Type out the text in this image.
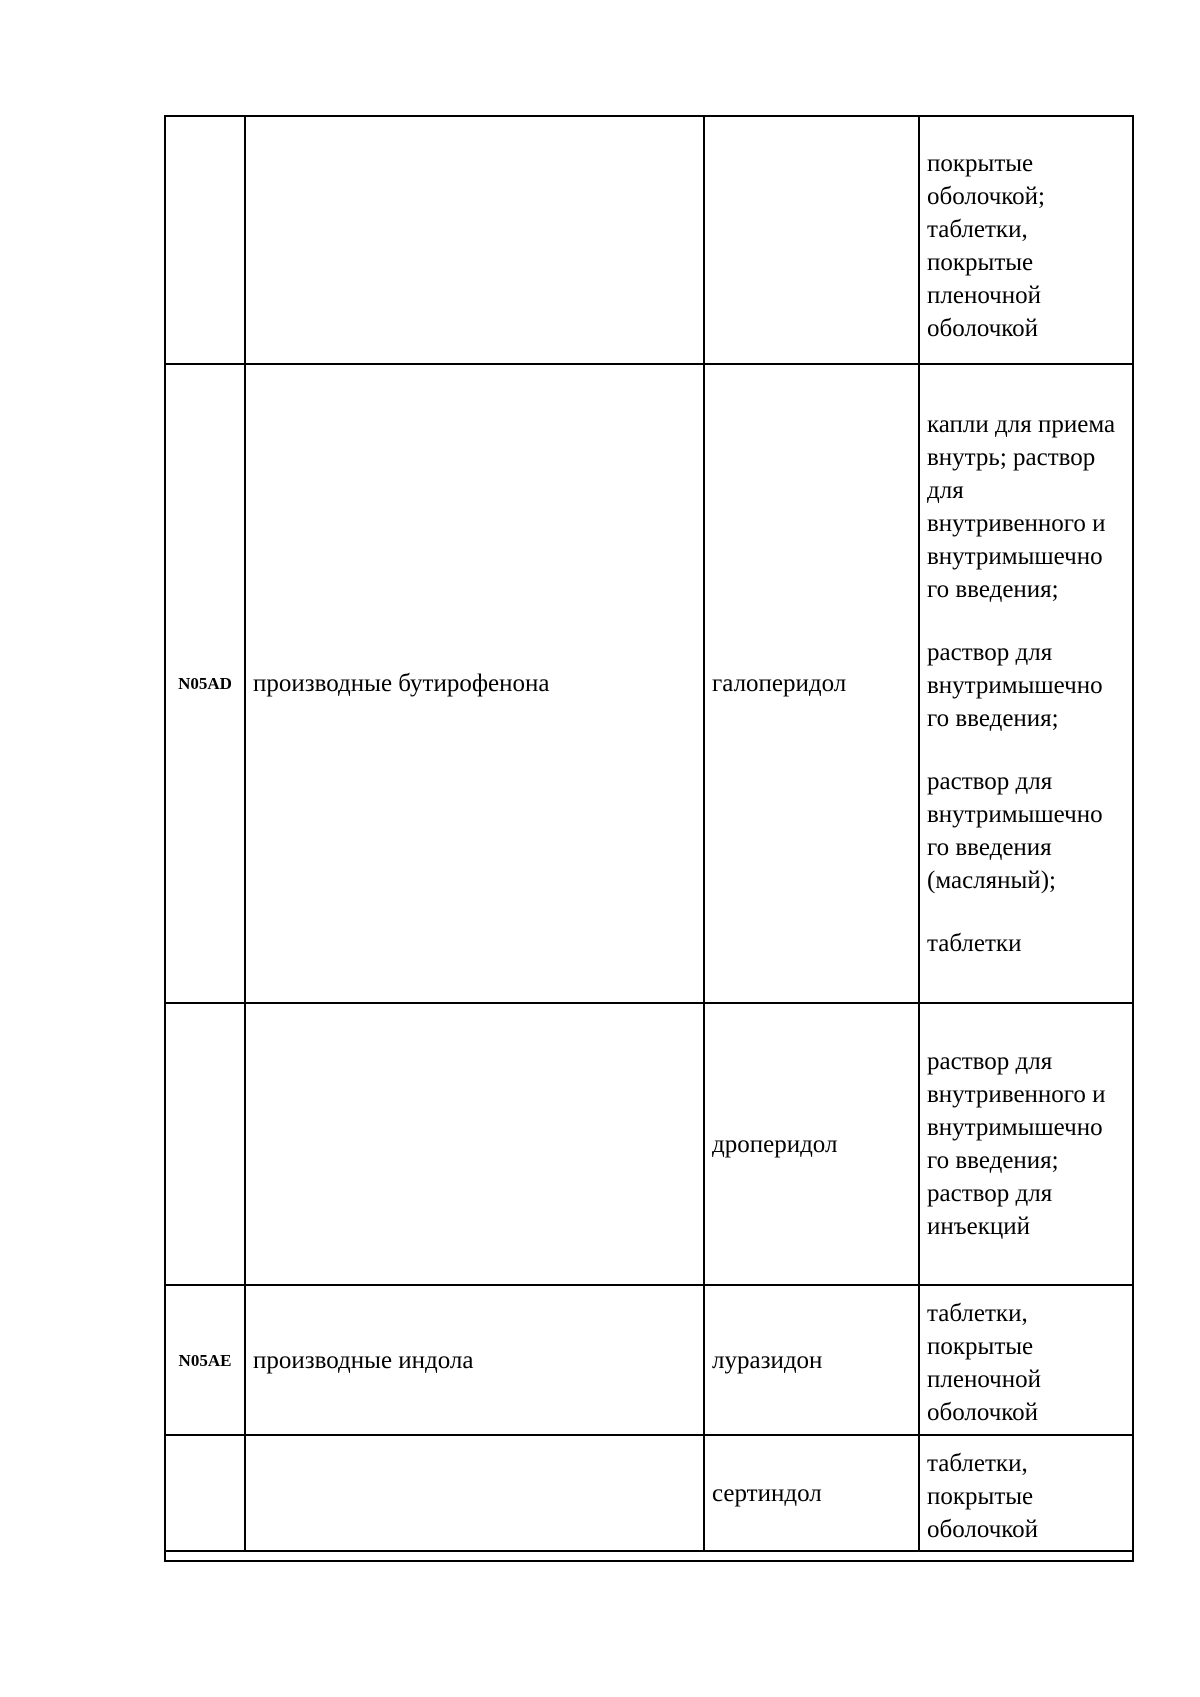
			покрытые оболочкой; таблетки, покрытые пленочной оболочкой

N05AD	производные бутирофенона	галоперидол	капли для приема внутрь; раствор для внутривенного и внутримышечно го введения;
раствор для внутримышечно го введения;
раствор для внутримышечно го введения (масляный);
таблетки

		дроперидол	раствор для внутривенного и внутримышечно го введения; раствор для инъекций

N05AE	производные индола	луразидон	таблетки, покрытые пленочной оболочкой

		сертиндол	таблетки, покрытые оболочкой
